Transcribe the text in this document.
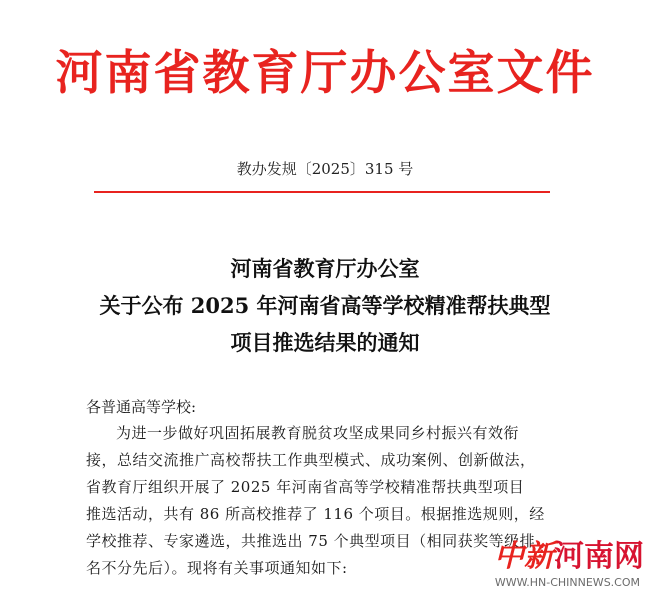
河南省教育厅办公室文件
教办发规〔2025〕315 号
河南省教育厅办公室
关于公布 2025 年河南省高等学校精准帮扶典型
项目推选结果的通知
各普通高等学校:
为进一步做好巩固拓展教育脱贫攻坚成果同乡村振兴有效衔
接，总结交流推广高校帮扶工作典型模式、成功案例、创新做法，
省教育厅组织开展了 2025 年河南省高等学校精准帮扶典型项目
推选活动，共有 86 所高校推荐了 116 个项目。根据推选规则，经
学校推荐、专家遴选，共推选出 75 个典型项目（相同获奖等级排
名不分先后）。现将有关事项通知如下:	中新河南网
WWW.HN-CHINNEWS.COM
